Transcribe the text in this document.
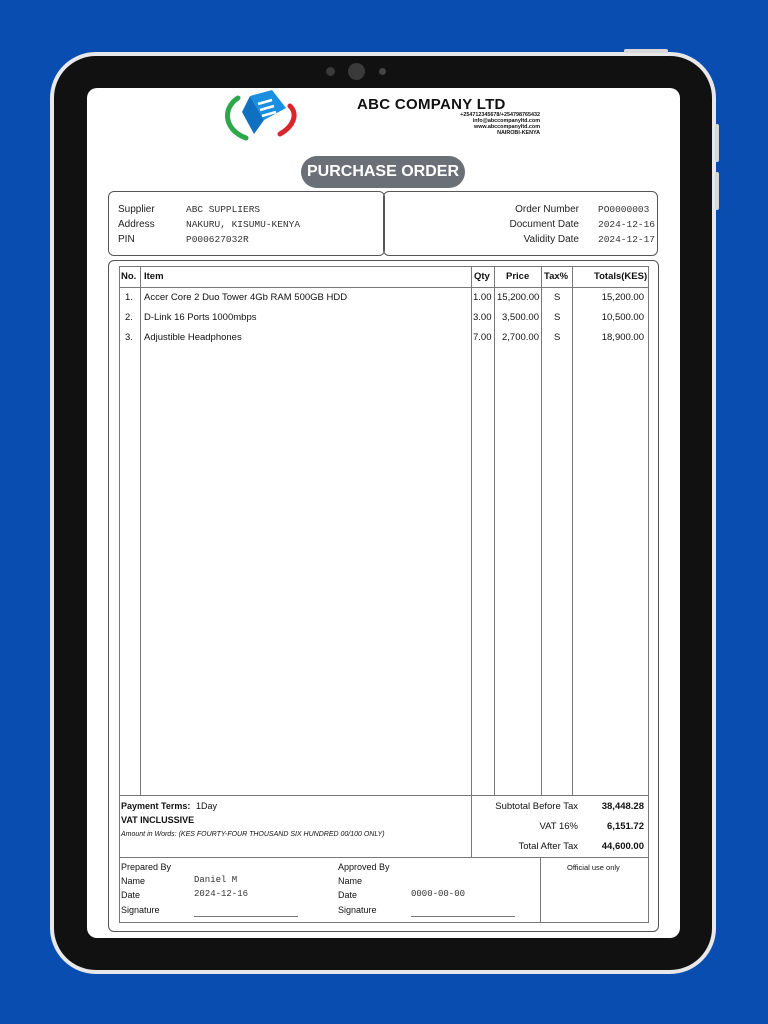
ABC COMPANY LTD
+254712345678/+254798765432
info@abccompanyltd.com
www.abccompanyltd.com
NAIROBI-KENYA
PURCHASE ORDER
Supplier	ABC SUPPLIERS
Address	NAKURU, KISUMU-KENYA
PIN	P000627032R
Order Number PO0000003
Document Date 2024-12-16
Validity Date 2024-12-17
No. Item	Qty Price Tax%	Totals(KES)
1. Accer Core 2 Duo Tower 4Gb RAM 500GB HDD	1.00 15,200.00 S	15,200.00
2. D-Link 16 Ports 1000mbps	3.00 3,500.00 S	10,500.00
3. Adjustible Headphones	7.00 2,700.00 S	18,900.00
Payment Terms: 1Day
VAT INCLUSSIVE
Amount in Words: (KES FOURTY-FOUR THOUSAND SIX HUNDRED 00/100 ONLY)
Subtotal Before Tax 38,448.28
VAT 16%	6,151.72
Total After Tax 44,600.00
Prepared By
Name	Daniel M
Date	2024-12-16
Signature
Approved By
Name
Date	0000-00-00
Signature
Official use only
